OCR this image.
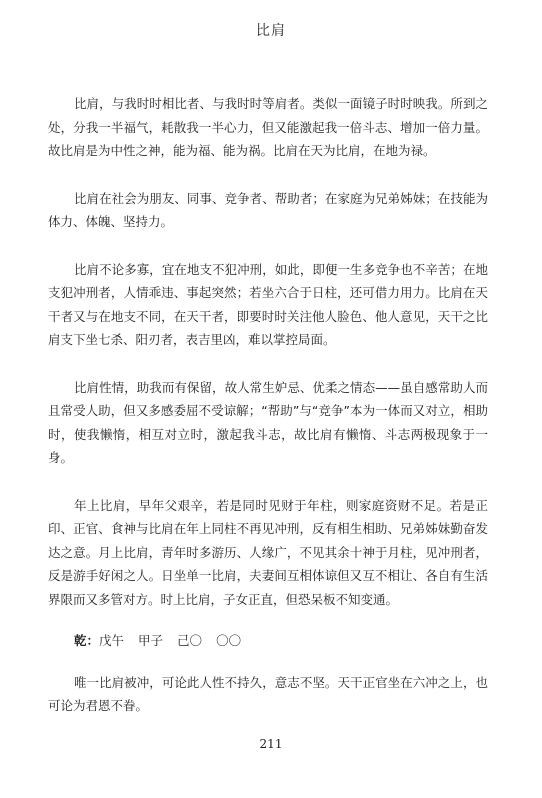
比肩

比肩，与我时时相比者、与我时时等肩者。类似一面镜子时时映我。所到之处，分我一半福气，耗散我一半心力，但又能激起我一倍斗志、增加一倍力量。故比肩是为中性之神，能为福、能为祸。比肩在天为比肩，在地为禄。

比肩在社会为朋友、同事、竞争者、帮助者；在家庭为兄弟姊妹；在技能为体力、体魄、坚持力。

比肩不论多寡，宜在地支不犯冲刑，如此，即便一生多竞争也不辛苦；在地支犯冲刑者，人情乖违、事起突然；若坐六合于日柱，还可借力用力。比肩在天干者又与在地支不同，在天干者，即要时时关注他人脸色、他人意见，天干之比肩支下坐七杀、阳刃者，表吉里凶，难以掌控局面。

比肩性情，助我而有保留，故人常生妒忌、优柔之情态——虽自感常助人而且常受人助，但又多感委屈不受谅解；“帮助”与“竞争”本为一体而又对立，相助时，使我懒惰，相互对立时，激起我斗志，故比肩有懒惰、斗志两极现象于一身。

年上比肩，早年父艰辛，若是同时见财于年柱，则家庭资财不足。若是正印、正官、食神与比肩在年上同柱不再见冲刑，反有相生相助、兄弟姊妹勤奋发达之意。月上比肩，青年时多游历、人缘广，不见其余十神于月柱，见冲刑者，反是游手好闲之人。日坐单一比肩，夫妻间互相体谅但又互不相让、各自有生活界限而又多管对方。时上比肩，子女正直，但恐呆板不知变通。

乾：戊午 甲子 己〇 〇〇

唯一比肩被冲，可论此人性不持久，意志不坚。天干正官坐在六冲之上，也可论为君恩不眷。

211
